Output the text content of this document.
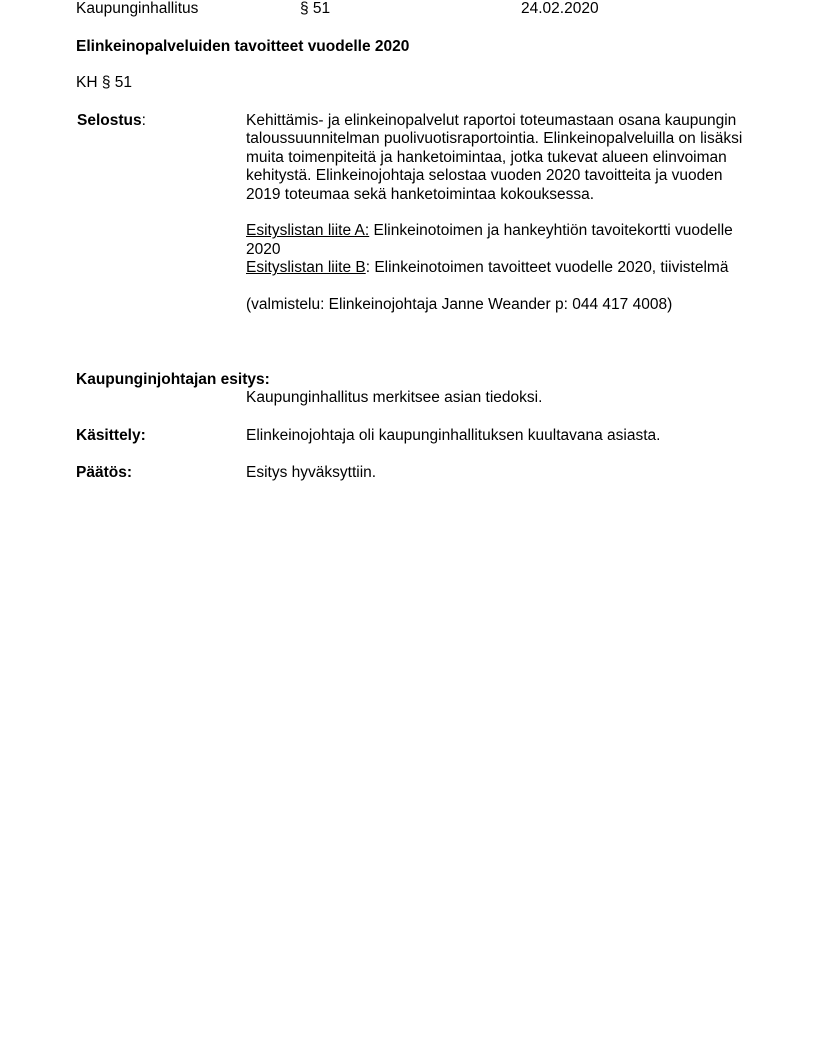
Kaupunginhallitus	§ 51	24.02.2020
Elinkeinopalveluiden tavoitteet vuodelle 2020
KH § 51
Selostus:	Kehittämis- ja elinkeinopalvelut raportoi toteumastaan osana kaupungin taloussuunnitelman puolivuotisraportointia. Elinkeinopalveluilla on lisäksi muita toimenpiteitä ja hanketoimintaa, jotka tukevat alueen elinvoiman kehitystä. Elinkeinojohtaja selostaa vuoden 2020 tavoitteita ja vuoden 2019 toteumaa sekä hanketoimintaa kokouksessa.

Esityslistan liite A: Elinkeinotoimen ja hankeyhtiön tavoitekortti vuodelle 2020

Esityslistan liite B: Elinkeinotoimen tavoitteet vuodelle 2020, tiivistelmä

(valmistelu: Elinkeinojohtaja Janne Weander p: 044 417 4008)

Kaupunginjohtajan esitys:
Kaupunginhallitus merkitsee asian tiedoksi.
Käsittely:	Elinkeinojohtaja oli kaupunginhallituksen kuultavana asiasta.
Päätös:	Esitys hyväksyttiin.
